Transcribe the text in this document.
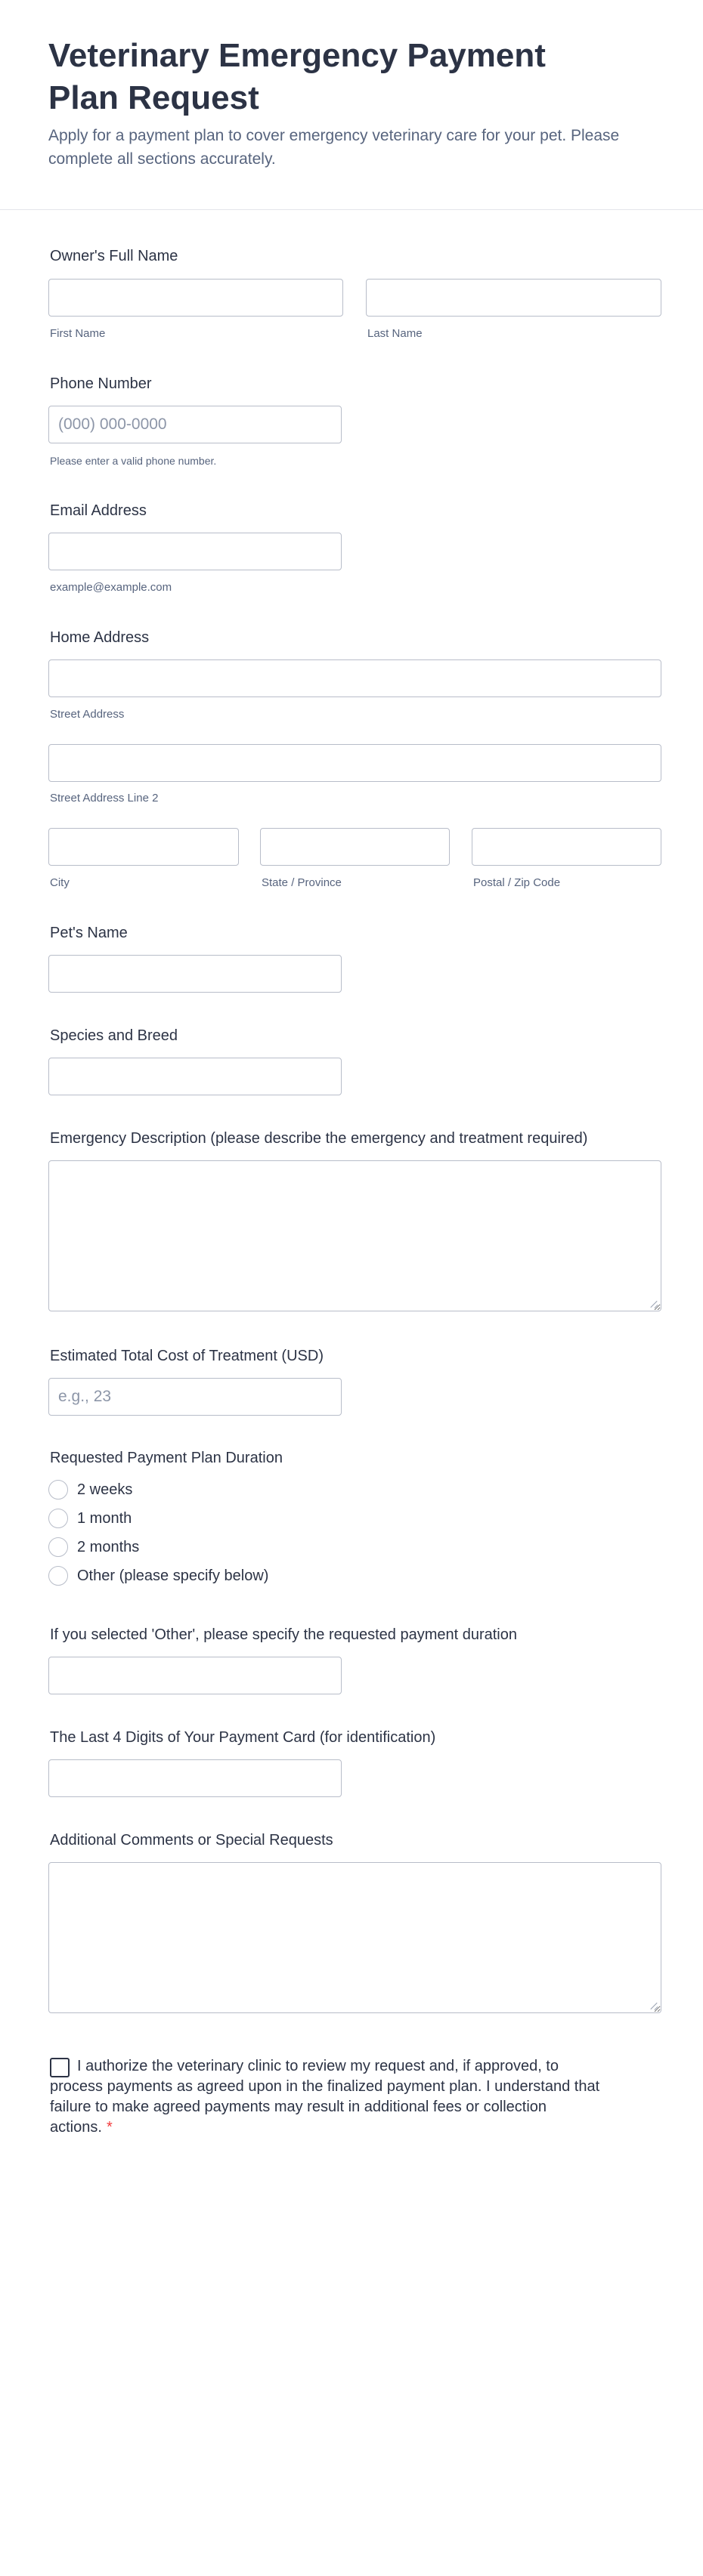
Veterinary Emergency Payment Plan Request

Apply for a payment plan to cover emergency veterinary care for your pet. Please complete all sections accurately.

Owner's Full Name
First Name	Last Name
Phone Number
(000) 000-0000
Please enter a valid phone number.
Email Address
example@example.com
Home Address
Street Address
Street Address Line 2
City	State / Province	Postal / Zip Code
Pet's Name
Species and Breed
Emergency Description (please describe the emergency and treatment required)
Estimated Total Cost of Treatment (USD)
e.g., 23
Requested Payment Plan Duration
2 weeks
1 month
2 months
Other (please specify below)
If you selected 'Other', please specify the requested payment duration
The Last 4 Digits of Your Payment Card (for identification)
Additional Comments or Special Requests

I authorize the veterinary clinic to review my request and, if approved, to process payments as agreed upon in the finalized payment plan. I understand that failure to make agreed payments may result in additional fees or collection actions. *
